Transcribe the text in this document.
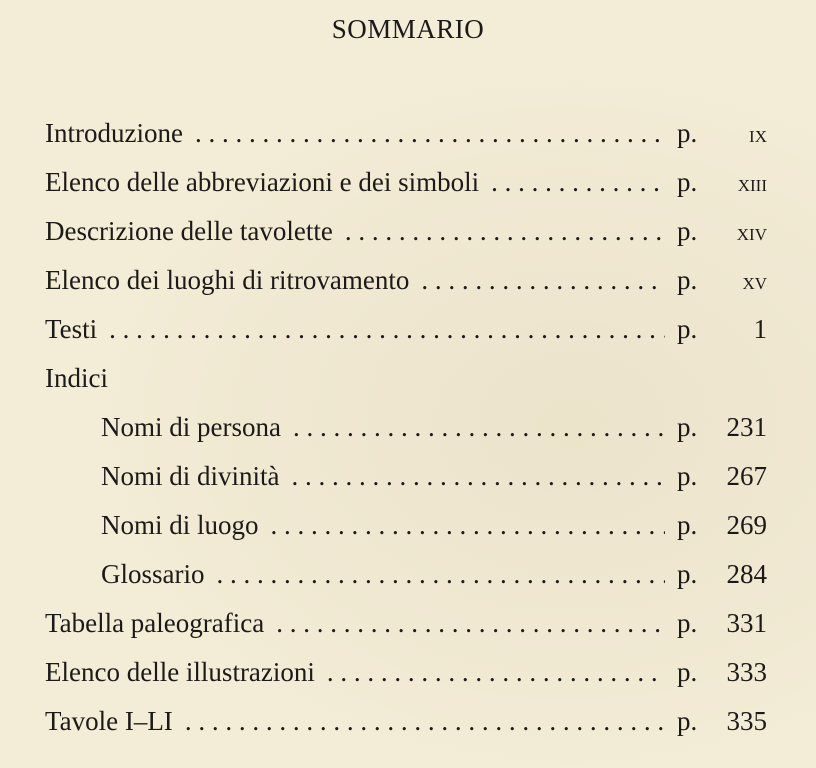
SOMMARIO
Introduzione . . .	p.	ix
Elenco delle abbreviazioni e dei simboli . . .	p.	xiii
Descrizione delle tavolette . . .	p.	xiv
Elenco dei luoghi di ritrovamento . . .	p.	xv
Testi . . .	p.	1
Indici
Nomi di persona . . .	p.	231
Nomi di divinità . . .	p.	267
Nomi di luogo . . .	p.	269
Glossario . . .	p.	284
Tabella paleografica . . .	p.	331
Elenco delle illustrazioni . . .	p.	333
Tavole I–LI . . .	p.	335
